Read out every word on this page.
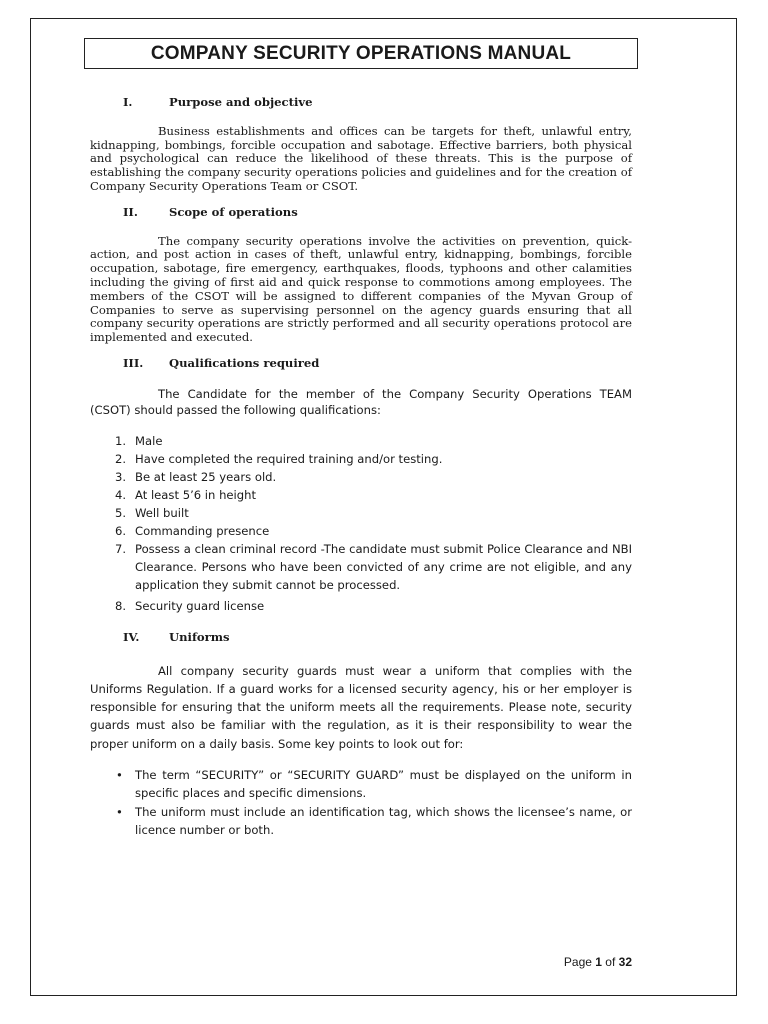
COMPANY SECURITY OPERATIONS MANUAL
I.	Purpose and objective

Business establishments and offices can be targets for theft, unlawful entry, kidnapping, bombings, forcible occupation and sabotage. Effective barriers, both physical and psychological can reduce the likelihood of these threats. This is the purpose of establishing the company security operations policies and guidelines and for the creation of Company Security Operations Team or CSOT.

II.	Scope of operations

The company security operations involve the activities on prevention, quick- action, and post action in cases of theft, unlawful entry, kidnapping, bombings, forcible occupation, sabotage, fire emergency, earthquakes, floods, typhoons and other calamities including the giving of first aid and quick response to commotions among employees. The members of the CSOT will be assigned to different companies of the Myvan Group of Companies to serve as supervising personnel on the agency guards ensuring that all company security operations are strictly performed and all security operations protocol are implemented and executed.

III.	Qualifications required

The Candidate for the member of the Company Security Operations TEAM (CSOT) should passed the following qualifications:

1. Male
2. Have completed the required training and/or testing.
3. Be at least 25 years old.
4. At least 5’6 in height
5. Well built
6. Commanding presence
7. Possess a clean criminal record -The candidate must submit Police Clearance and NBI Clearance. Persons who have been convicted of any crime are not eligible, and any application they submit cannot be processed.
8. Security guard license
IV.	Uniforms

All company security guards must wear a uniform that complies with the Uniforms Regulation. If a guard works for a licensed security agency, his or her employer is responsible for ensuring that the uniform meets all the requirements. Please note, security guards must also be familiar with the regulation, as it is their responsibility to wear the proper uniform on a daily basis. Some key points to look out for:

•	The term “SECURITY” or “SECURITY GUARD” must be displayed on the uniform in specific places and specific dimensions.
•	The uniform must include an identification tag, which shows the licensee’s name, or licence number or both.
Page 1 of 32
